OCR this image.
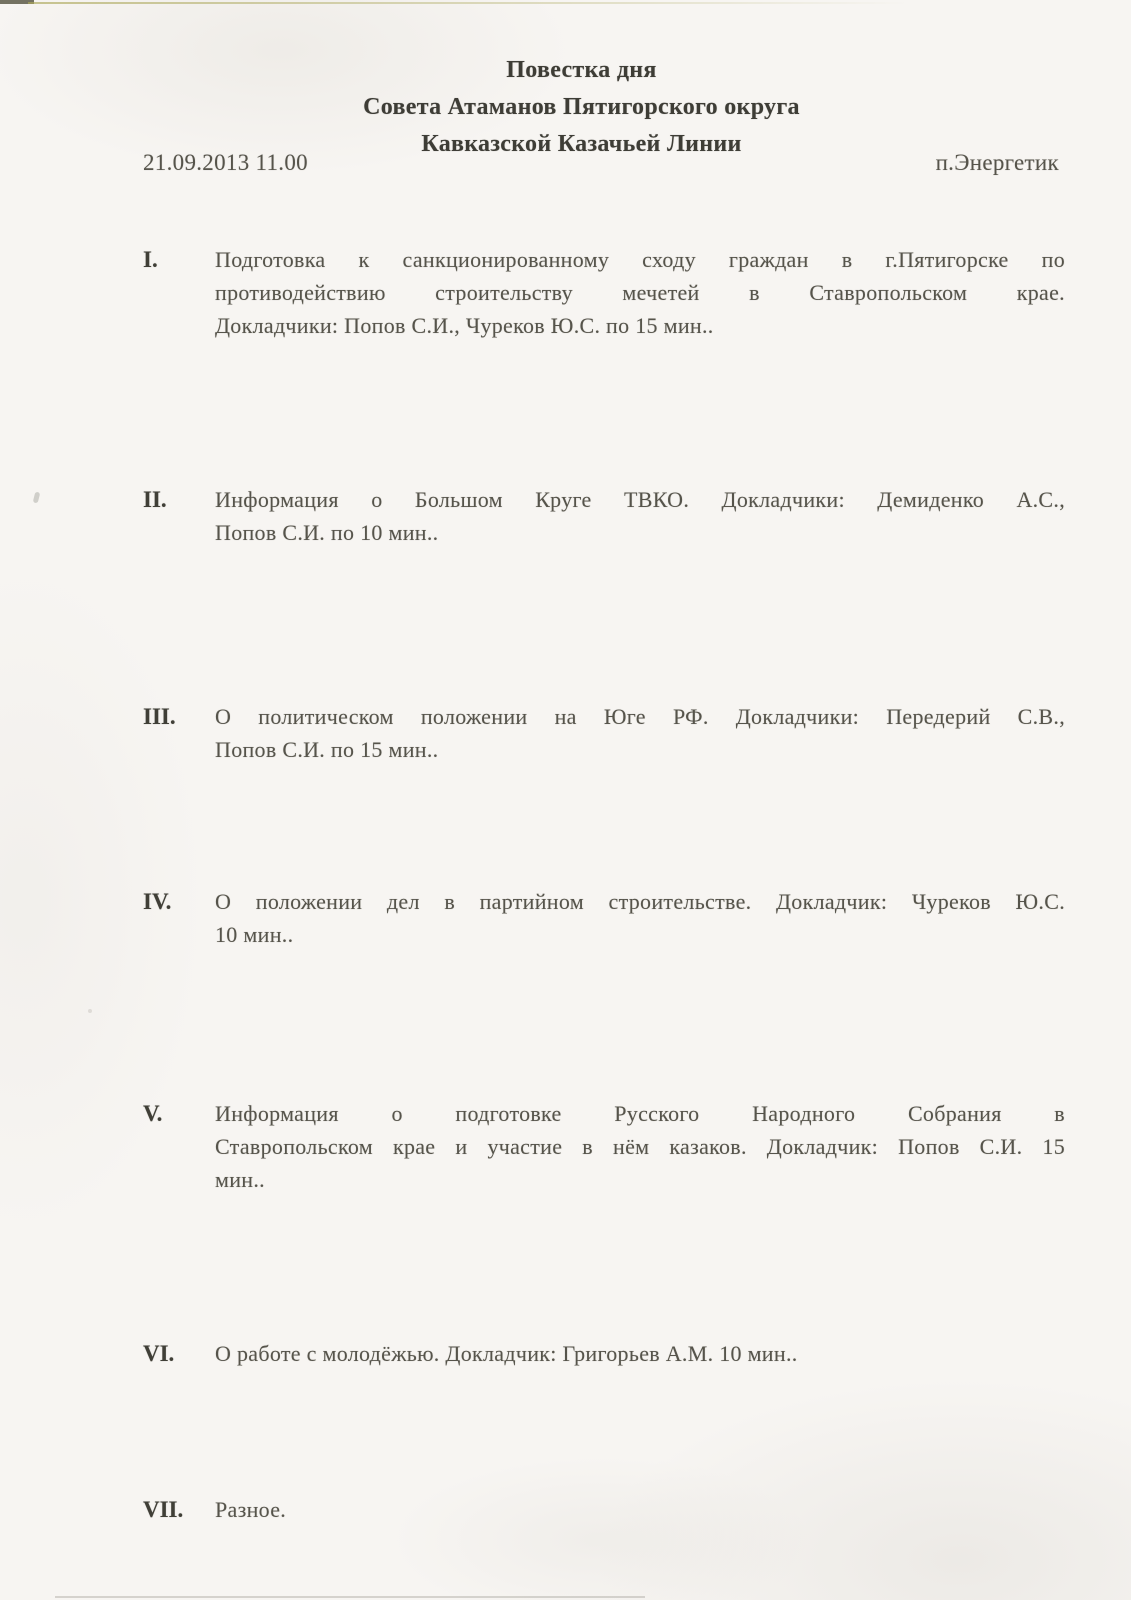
Повестка дня
Совета Атаманов Пятигорского округа
Кавказской Казачьей Линии
21.09.2013 11.00	п.Энергетик
I.	Подготовка к санкционированному сходу граждан в г.Пятигорске по
противодействию строительству мечетей в Ставропольском крае.
Докладчики: Попов С.И., Чуреков Ю.С. по 15 мин..
II.	Информация о Большом Круге ТВКО. Докладчики: Демиденко А.С.,
Попов С.И. по 10 мин..
III.	О политическом положении на Юге РФ. Докладчики: Передерий С.В.,
Попов С.И. по 15 мин..
IV.	О положении дел в партийном строительстве. Докладчик: Чуреков Ю.С.
10 мин..
V.	Информация о подготовке Русского Народного Собрания в
Ставропольском крае и участие в нём казаков. Докладчик: Попов С.И. 15
мин..
VI.	О работе с молодёжью. Докладчик: Григорьев А.М. 10 мин..
VII.	Разное.
